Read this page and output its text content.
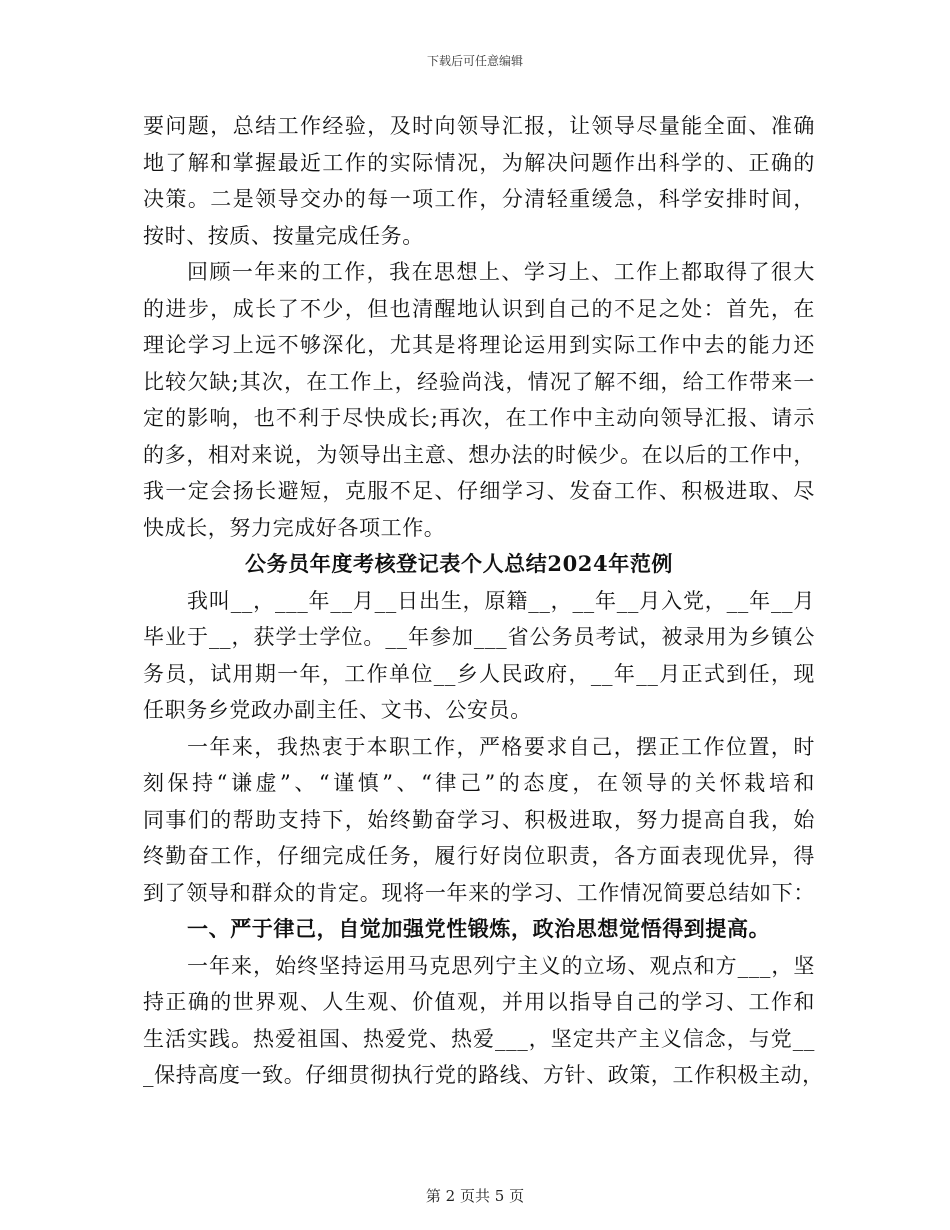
下载后可任意编辑
要问题，总结工作经验，及时向领导汇报，让领导尽量能全面、准确
地了解和掌握最近工作的实际情况，为解决问题作出科学的、正确的
决策。二是领导交办的每一项工作，分清轻重缓急，科学安排时间，
按时、按质、按量完成任务。
回顾一年来的工作，我在思想上、学习上、工作上都取得了很大
的进步，成长了不少，但也清醒地认识到自己的不足之处：首先，在
理论学习上远不够深化，尤其是将理论运用到实际工作中去的能力还
比较欠缺;其次，在工作上，经验尚浅，情况了解不细，给工作带来一
定的影响，也不利于尽快成长;再次，在工作中主动向领导汇报、请示
的多，相对来说，为领导出主意、想办法的时候少。在以后的工作中，
我一定会扬长避短，克服不足、仔细学习、发奋工作、积极进取、尽
快成长，努力完成好各项工作。
公务员年度考核登记表个人总结2024年范例
我叫__，___年__月__日出生，原籍__，__年__月入党，__年__月
毕业于__，获学士学位。__年参加___省公务员考试，被录用为乡镇公
务员，试用期一年，工作单位__乡人民政府，__年__月正式到任，现
任职务乡党政办副主任、文书、公安员。
一年来，我热衷于本职工作，严格要求自己，摆正工作位置，时
刻保持“谦虚”、“谨慎”、“律己”的态度，在领导的关怀栽培和
同事们的帮助支持下，始终勤奋学习、积极进取，努力提高自我，始
终勤奋工作，仔细完成任务，履行好岗位职责，各方面表现优异，得
到了领导和群众的肯定。现将一年来的学习、工作情况简要总结如下：
一、严于律己，自觉加强党性锻炼，政治思想觉悟得到提高。
一年来，始终坚持运用马克思列宁主义的立场、观点和方___，坚
持正确的世界观、人生观、价值观，并用以指导自己的学习、工作和
生活实践。热爱祖国、热爱党、热爱___，坚定共产主义信念，与党__
_保持高度一致。仔细贯彻执行党的路线、方针、政策，工作积极主动，
第 2 页共 5 页
